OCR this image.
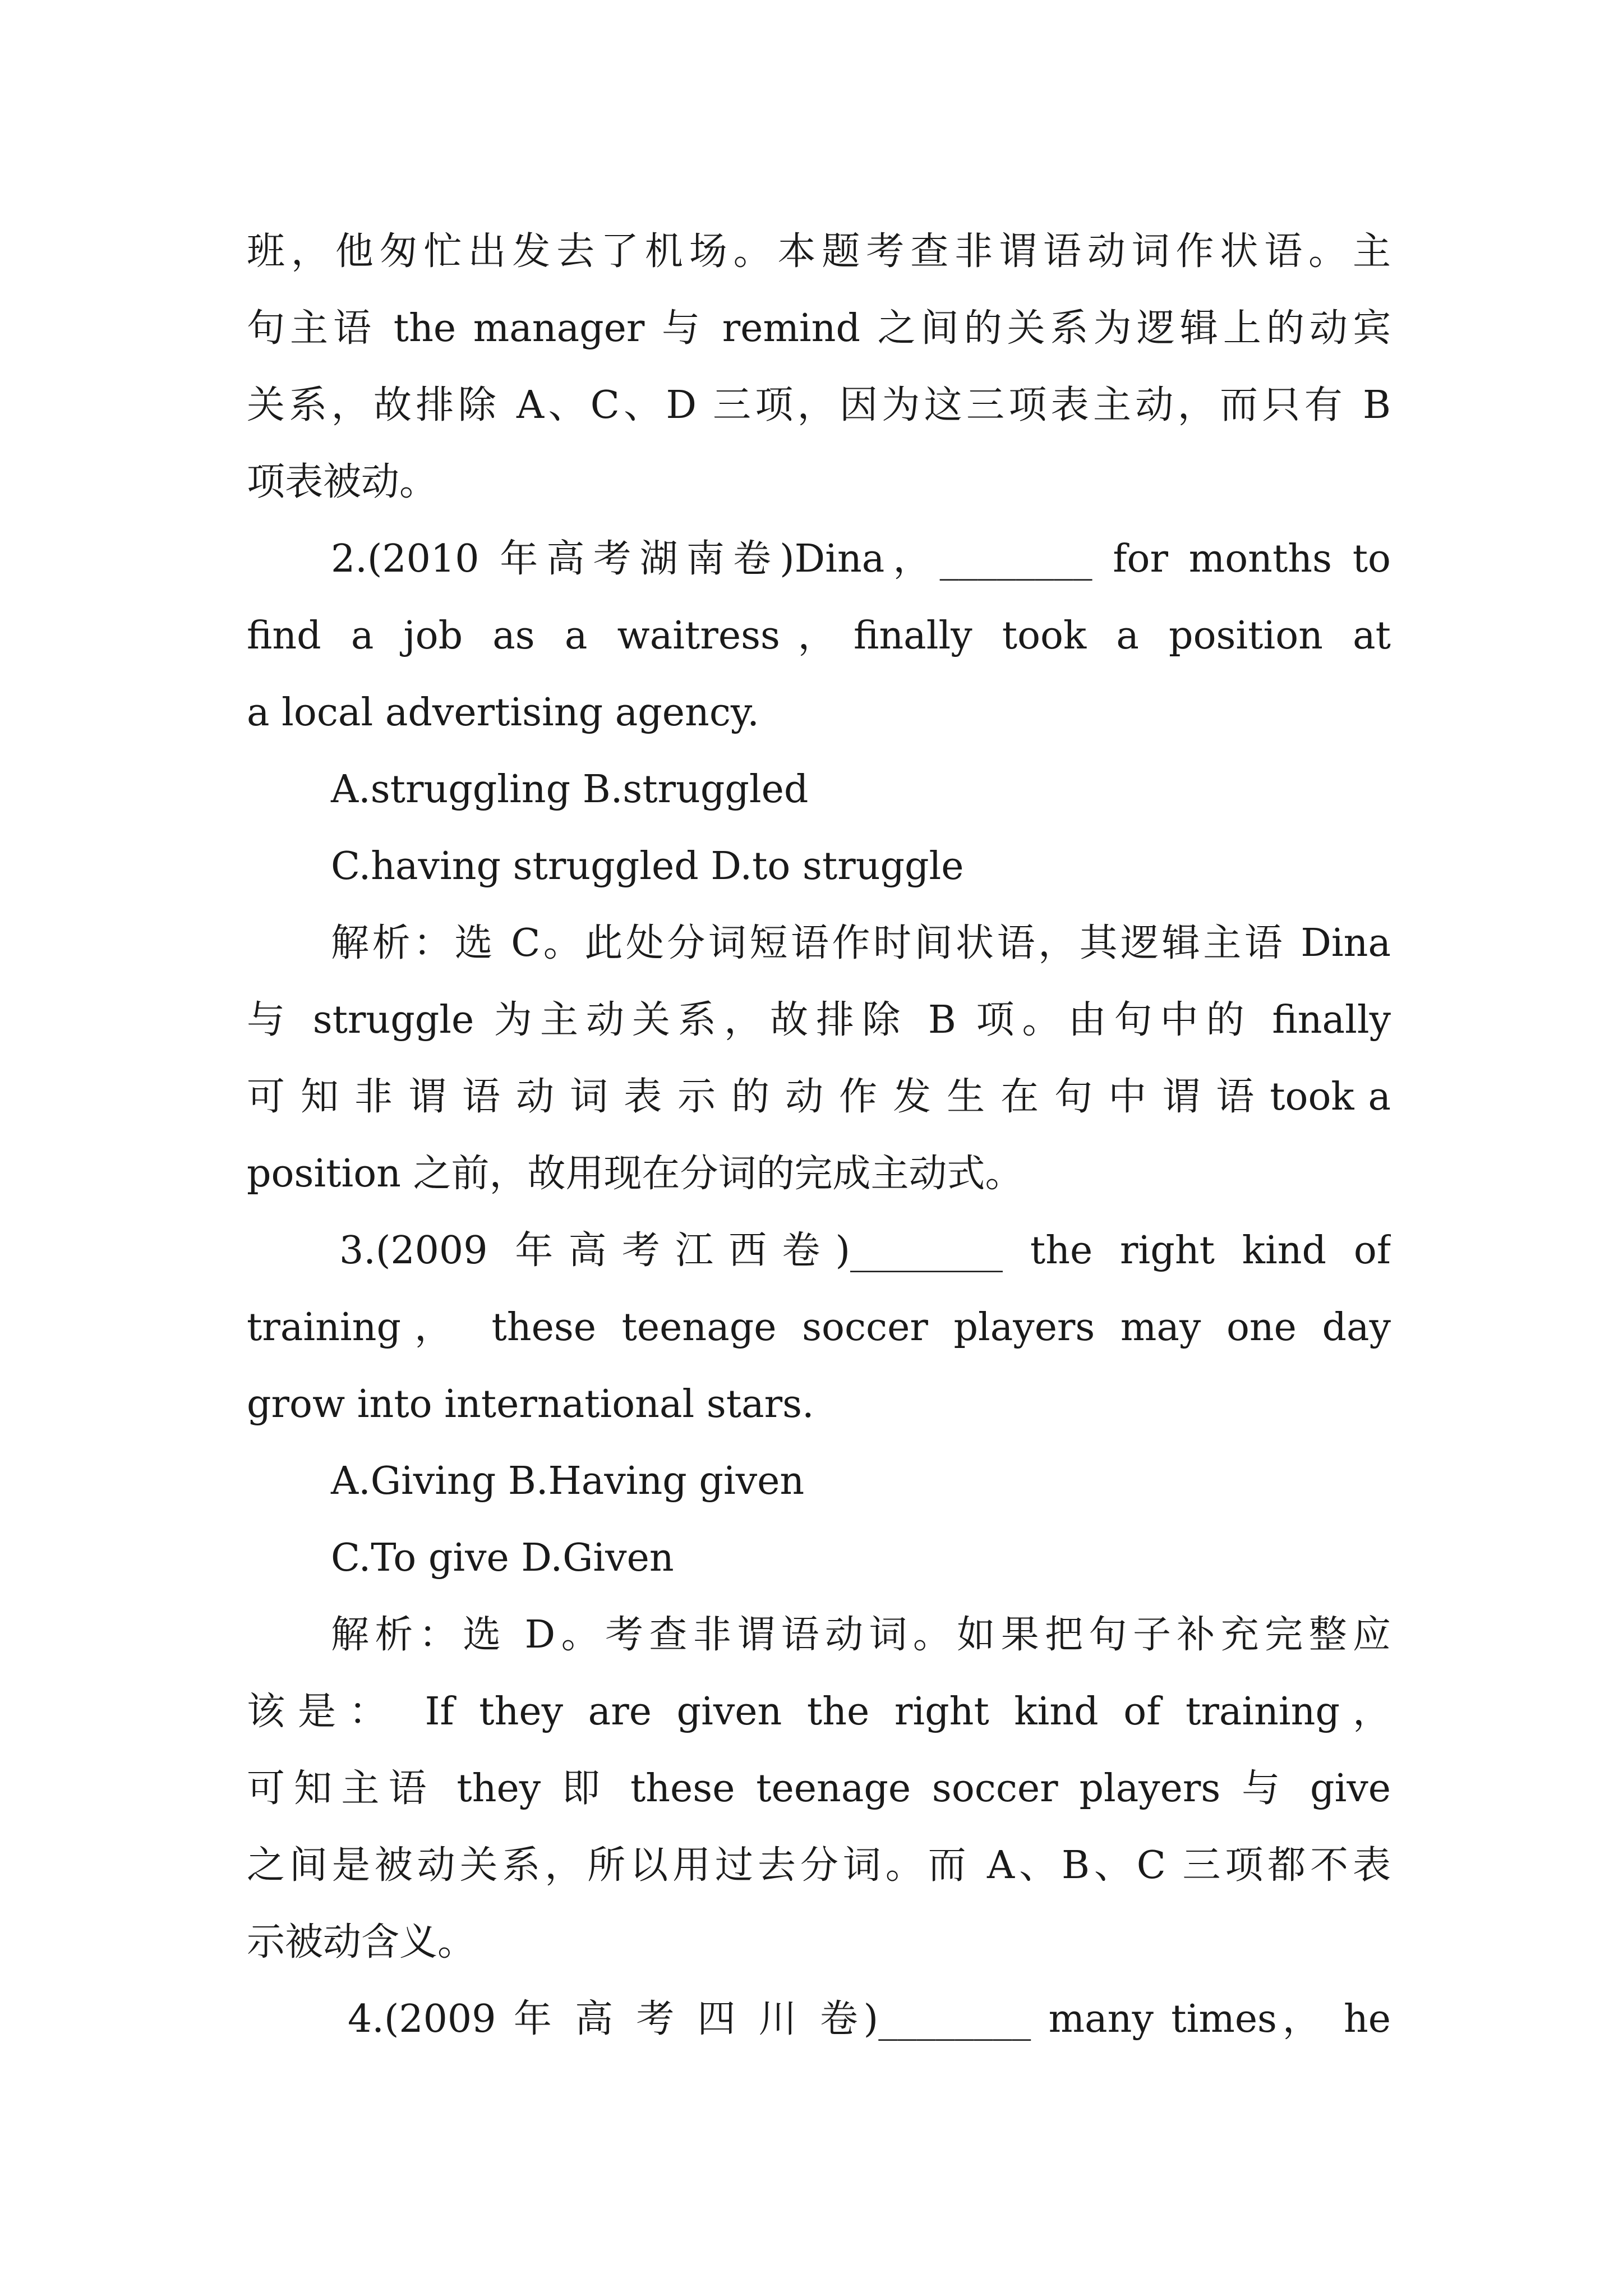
班，他匆忙出发去了机场。本题考查非谓语动词作状语。主
句主语 the manager 与 remind 之间的关系为逻辑上的动宾
关系，故排除 A、C、D 三项，因为这三项表主动，而只有 B
项表被动。
2.(2010 年高考湖南卷)Dina，________ for months to
find a job as a waitress，finally took a position at
a local advertising agency.
A.struggling B.struggled
C.having struggled D.to struggle
解析：选 C。此处分词短语作时间状语，其逻辑主语 Dina
与 struggle 为主动关系，故排除 B 项。由句中的 finally
可 知 非 谓 语 动 词 表 示 的 动 作 发 生 在 句 中 谓 语 took a
position 之前，故用现在分词的完成主动式。
3.(2009 年高考江西卷)________ the right kind of
training， these teenage soccer players may one day
grow into international stars.
A.Giving B.Having given
C.To give D.Given
解析：选 D。考查非谓语动词。如果把句子补充完整应
该是： If they are given the right kind of training，
可知主语 they 即 these teenage soccer players 与 give
之间是被动关系，所以用过去分词。而 A、B、C 三项都不表
示被动含义。
4.(2009 年 高 考 四 川 卷)________ many times， he
